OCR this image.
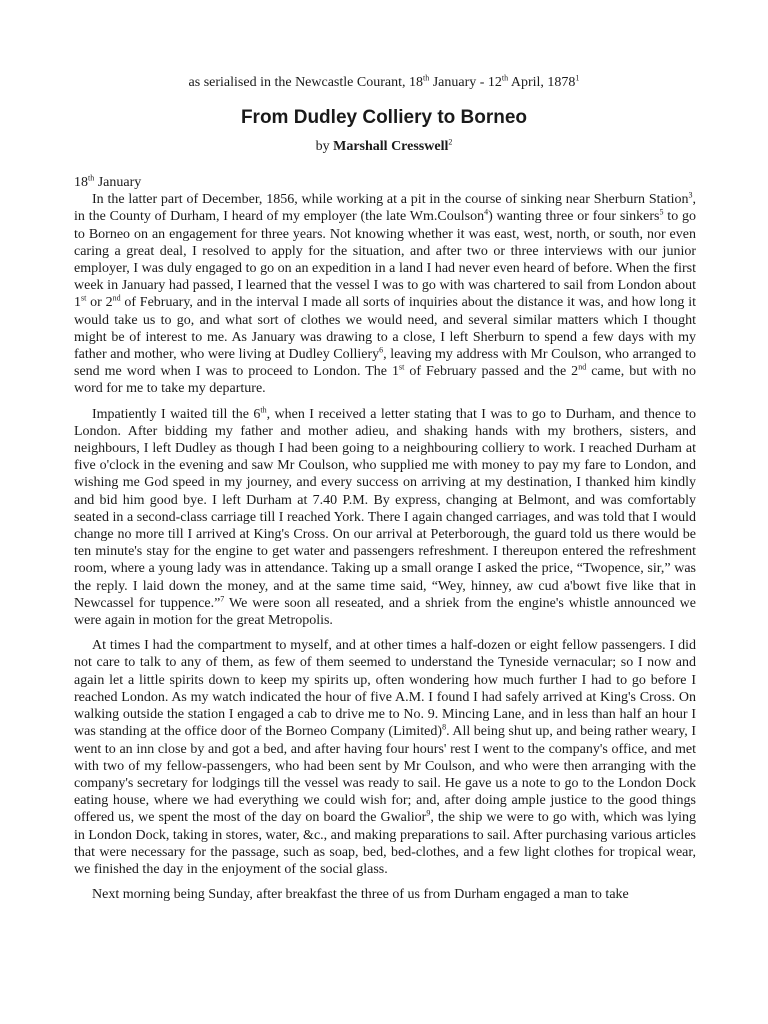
as serialised in the Newcastle Courant, 18th January - 12th April, 1878$^1$
From Dudley Colliery to Borneo
by Marshall Cresswell$^2$
18th January

In the latter part of December, 1856, while working at a pit in the course of sinking near Sherburn Station$^3$, in the County of Durham, I heard of my employer (the late Wm.Coulson$^4$) wanting three or four sinkers$^5$ to go to Borneo on an engagement for three years. Not knowing whether it was east, west, north, or south, nor even caring a great deal, I resolved to apply for the situation, and after two or three interviews with our junior employer, I was duly engaged to go on an expedition in a land I had never even heard of before. When the first week in January had passed, I learned that the vessel I was to go with was chartered to sail from London about 1st or 2nd of February, and in the interval I made all sorts of inquiries about the distance it was, and how long it would take us to go, and what sort of clothes we would need, and several similar matters which I thought might be of interest to me. As January was drawing to a close, I left Sherburn to spend a few days with my father and mother, who were living at Dudley Colliery$^6$, leaving my address with Mr Coulson, who arranged to send me word when I was to proceed to London. The 1st of February passed and the 2nd came, but with no word for me to take my departure.

Impatiently I waited till the 6th, when I received a letter stating that I was to go to Durham, and thence to London. After bidding my father and mother adieu, and shaking hands with my brothers, sisters, and neighbours, I left Dudley as though I had been going to a neighbouring colliery to work. I reached Durham at five o'clock in the evening and saw Mr Coulson, who supplied me with money to pay my fare to London, and wishing me God speed in my journey, and every success on arriving at my destination, I thanked him kindly and bid him good bye. I left Durham at 7.40 P.M. By express, changing at Belmont, and was comfortably seated in a second-class carriage till I reached York. There I again changed carriages, and was told that I would change no more till I arrived at King's Cross. On our arrival at Peterborough, the guard told us there would be ten minute's stay for the engine to get water and passengers refreshment. I thereupon entered the refreshment room, where a young lady was in attendance. Taking up a small orange I asked the price, “Twopence, sir,” was the reply. I laid down the money, and at the same time said, “Wey, hinney, aw cud a'bowt five like that in Newcassel for tuppence.”$^7$ We were soon all reseated, and a shriek from the engine's whistle announced we were again in motion for the great Metropolis.

At times I had the compartment to myself, and at other times a half-dozen or eight fellow passengers. I did not care to talk to any of them, as few of them seemed to understand the Tyneside vernacular; so I now and again let a little spirits down to keep my spirits up, often wondering how much further I had to go before I reached London. As my watch indicated the hour of five A.M. I found I had safely arrived at King's Cross. On walking outside the station I engaged a cab to drive me to No. 9. Mincing Lane, and in less than half an hour I was standing at the office door of the Borneo Company (Limited)$^8$. All being shut up, and being rather weary, I went to an inn close by and got a bed, and after having four hours' rest I went to the company's office, and met with two of my fellow-passengers, who had been sent by Mr Coulson, and who were then arranging with the company's secretary for lodgings till the vessel was ready to sail. He gave us a note to go to the London Dock eating house, where we had everything we could wish for; and, after doing ample justice to the good things offered us, we spent the most of the day on board the Gwalior$^9$, the ship we were to go with, which was lying in London Dock, taking in stores, water, &c., and making preparations to sail. After purchasing various articles that were necessary for the passage, such as soap, bed, bed-clothes, and a few light clothes for tropical wear, we finished the day in the enjoyment of the social glass.

Next morning being Sunday, after breakfast the three of us from Durham engaged a man to take
